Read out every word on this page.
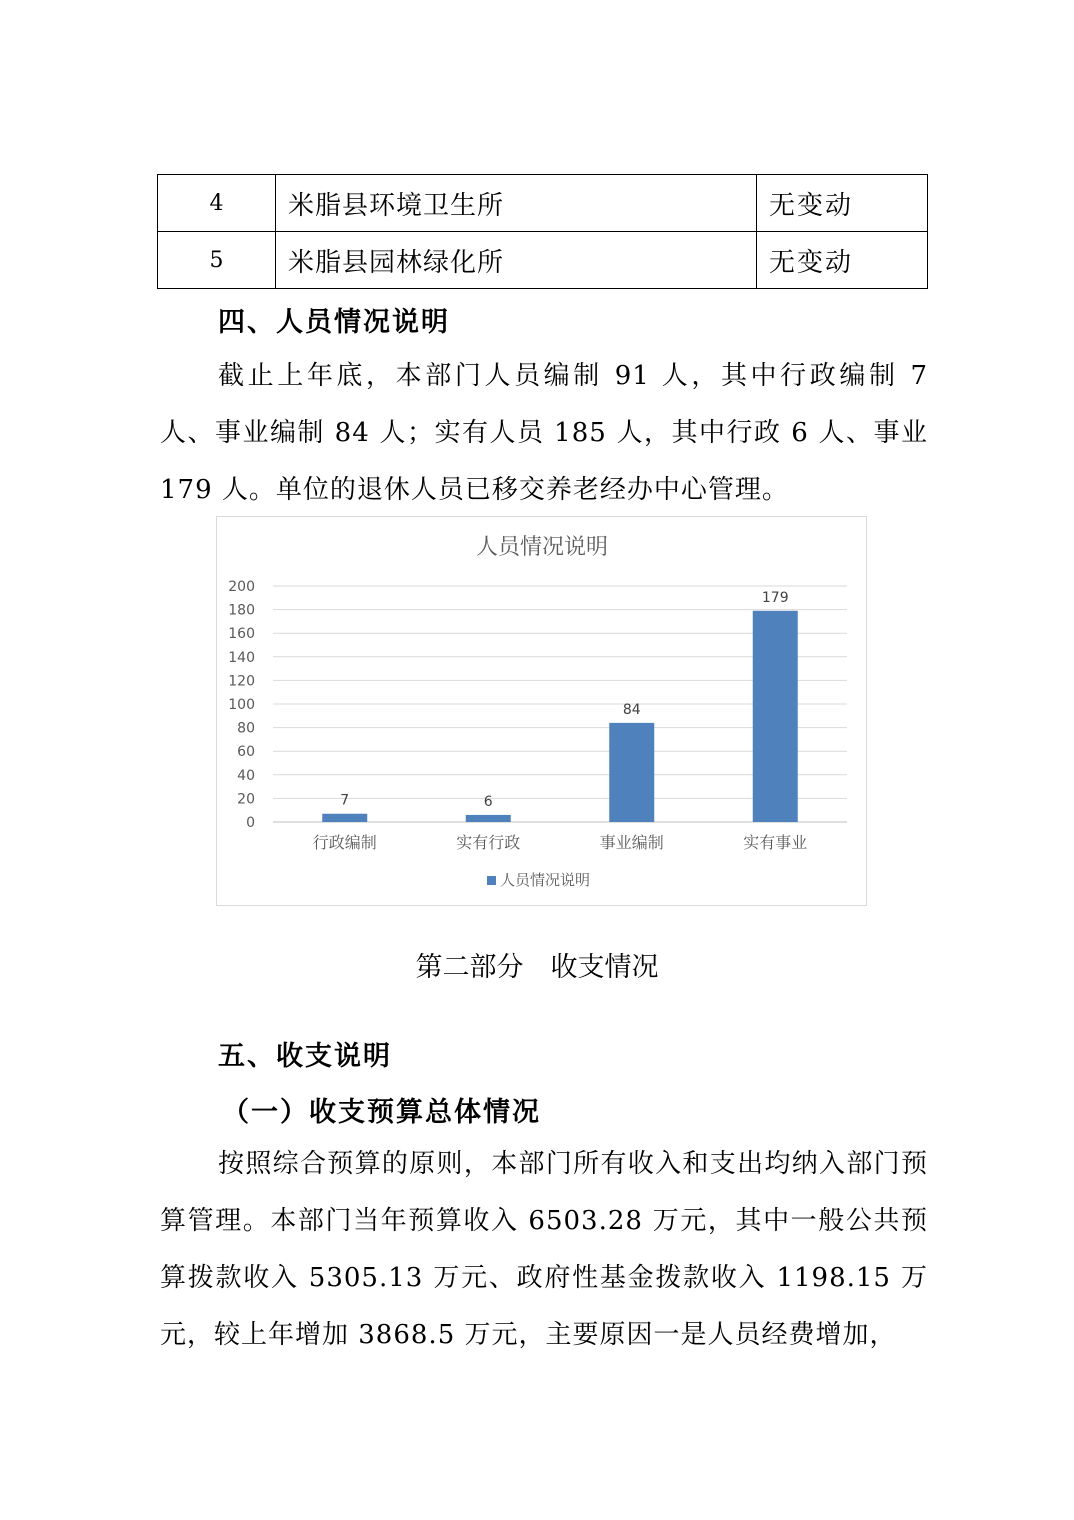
4	米脂县环境卫生所	无变动
5	米脂县园林绿化所	无变动

四、人员情况说明

截止上年底，本部门人员编制 91 人，其中行政编制 7 人、事业编制 84 人；实有人员 185 人，其中行政 6 人、事业 179 人。单位的退休人员已移交养老经办中心管理。

人员情况说明
0
20
40
60
80
100
120
140
160
180
200
7	6
84
179
行政编制	实有行政	事业编制	实有事业
人员情况说明

第二部分　收支情况

五、收支说明

（一）收支预算总体情况

按照综合预算的原则，本部门所有收入和支出均纳入部门预算管理。本部门当年预算收入 6503.28 万元，其中一般公共预算拨款收入 5305.13 万元、政府性基金拨款收入 1198.15 万元，较上年增加 3868.5 万元，主要原因一是人员经费增加，
